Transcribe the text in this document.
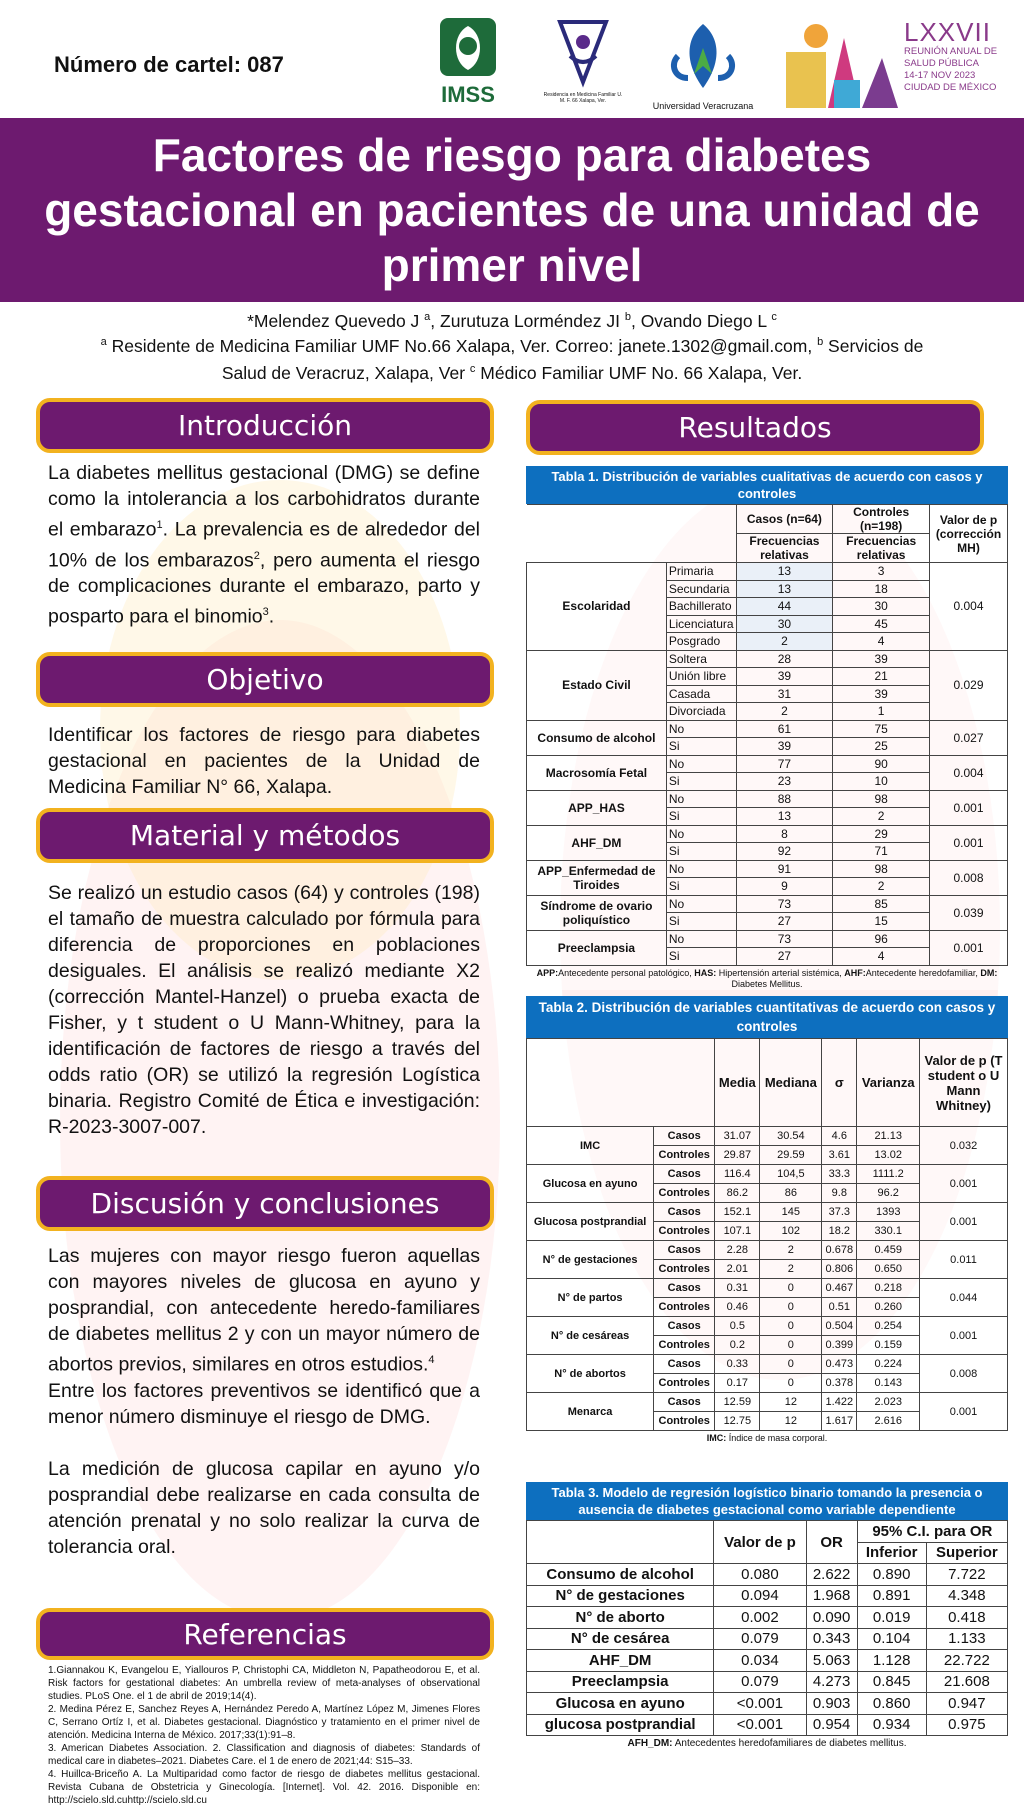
Número de cartel: 087
IMSS	Residencia en Medicina Familiar U. M. F. 66 Xalapa, Ver.	Universidad Veracruzana
LXXVII
REUNIÓN ANUAL DE
SALUD PÚBLICA
14-17 NOV 2023
CIUDAD DE MÉXICO
Factores de riesgo para diabetes gestacional en pacientes de una unidad de primer nivel
*Melendez Quevedo J $^a$, Zurutuza Lorméndez JI $^b$, Ovando Diego L $^c$
$^a$ Residente de Medicina Familiar UMF No.66 Xalapa, Ver. Correo: janete.1302@gmail.com, $^b$ Servicios de
Salud de Veracruz, Xalapa, Ver $^c$ Médico Familiar UMF No. 66 Xalapa, Ver.
Introducción
La diabetes mellitus gestacional (DMG) se define como la intolerancia a los carbohidratos durante el embarazo$^1$. La prevalencia es de alrededor del 10% de los embarazos$^2$, pero aumenta el riesgo de complicaciones durante el embarazo, parto y posparto para el binomio$^3$.
Objetivo
Identificar los factores de riesgo para diabetes gestacional en pacientes de la Unidad de Medicina Familiar N° 66, Xalapa.
Material y métodos
Se realizó un estudio casos (64) y controles (198) el tamaño de muestra calculado por fórmula para diferencia de proporciones en poblaciones desiguales. El análisis se realizó mediante X2 (corrección Mantel-Hanzel) o prueba exacta de Fisher, y t student o U Mann-Whitney, para la identificación de factores de riesgo a través del odds ratio (OR) se utilizó la regresión Logística binaria. Registro Comité de Ética e investigación: R-2023-3007-007.
Discusión y conclusiones
Las mujeres con mayor riesgo fueron aquellas con mayores niveles de glucosa en ayuno y posprandial, con antecedente heredo-familiares de diabetes mellitus 2 y con un mayor número de abortos previos, similares en otros estudios.$^4$
Entre los factores preventivos se identificó que a menor número disminuye el riesgo de DMG.

La medición de glucosa capilar en ayuno y/o posprandial debe realizarse en cada consulta de atención prenatal y no solo realizar la curva de tolerancia oral.
Referencias
1.Giannakou K, Evangelou E, Yiallouros P, Christophi CA, Middleton N, Papatheodorou E, et al. Risk factors for gestational diabetes: An umbrella review of meta-analyses of observational studies. PLoS One. el 1 de abril de 2019;14(4).
2. Medina Pérez E, Sanchez Reyes A, Hernández Peredo A, Martínez López M, Jimenes Flores C, Serrano Ortíz I, et al. Diabetes gestacional. Diagnóstico y tratamiento en el primer nivel de atención. Medicina Interna de México. 2017;33(1):91–8.
3. American Diabetes Association. 2. Classification and diagnosis of diabetes: Standards of medical care in diabetes–2021. Diabetes Care. el 1 de enero de 2021;44: S15–33.
4. Huillca-Briceño A. La Multiparidad como factor de riesgo de diabetes mellitus gestacional. Revista Cubana de Obstetricia y Ginecología. [Internet]. Vol. 42. 2016. Disponible en: http://scielo.sld.cuhttp://scielo.sld.cu
Resultados
Tabla 1. Distribución de variables cualitativas de acuerdo con casos y controles
		Casos (n=64)	Controles (n=198)	Valor de p (corrección MH)
		Frecuencias relativas	Frecuencias relativas	
Escolaridad	Primaria	13	3	0.004
	Secundaria	13	18	
	Bachillerato	44	30	
	Licenciatura	30	45	
	Posgrado	2	4	
Estado Civil	Soltera	28	39	0.029
	Unión libre	39	21	
	Casada	31	39	
	Divorciada	2	1	
Consumo de alcohol	No	61	75	0.027
	Si	39	25	
Macrosomía Fetal	No	77	90	0.004
	Si	23	10	
APP_HAS	No	88	98	0.001
	Si	13	2	
AHF_DM	No	8	29	0.001
	Si	92	71	
APP_Enfermedad de Tiroides	No	91	98	0.008
	Si	9	2	
Síndrome de ovario poliquístico	No	73	85	0.039
	Si	27	15	
Preeclampsia	No	73	96	0.001
	Si	27	4	
APP:Antecedente personal patológico, HAS: Hipertensión arterial sistémica, AHF:Antecedente heredofamiliar, DM: Diabetes Mellitus.
Tabla 2. Distribución de variables cuantitativas de acuerdo con casos y controles
		Media	Mediana	σ	Varianza	Valor de p (T student o U Mann Whitney)
IMC	Casos	31.07	30.54	4.6	21.13	0.032
	Controles	29.87	29.59	3.61	13.02	
Glucosa en ayuno	Casos	116.4	104,5	33.3	1111.2	0.001
	Controles	86.2	86	9.8	96.2	
Glucosa postprandial	Casos	152.1	145	37.3	1393	0.001
	Controles	107.1	102	18.2	330.1	
N° de gestaciones	Casos	2.28	2	0.678	0.459	0.011
	Controles	2.01	2	0.806	0.650	
N° de partos	Casos	0.31	0	0.467	0.218	0.044
	Controles	0.46	0	0.51	0.260	
N° de cesáreas	Casos	0.5	0	0.504	0.254	0.001
	Controles	0.2	0	0.399	0.159	
N° de abortos	Casos	0.33	0	0.473	0.224	0.008
	Controles	0.17	0	0.378	0.143	
Menarca	Casos	12.59	12	1.422	2.023	0.001
	Controles	12.75	12	1.617	2.616	
IMC: Índice de masa corporal.
Tabla 3. Modelo de regresión logístico binario tomando la presencia o ausencia de diabetes gestacional como variable dependiente
	Valor de p	OR	95% C.I. para OR	
			Inferior	Superior
Consumo de alcohol	0.080	2.622	0.890	7.722
N° de gestaciones	0.094	1.968	0.891	4.348
N° de aborto	0.002	0.090	0.019	0.418
N° de cesárea	0.079	0.343	0.104	1.133
AHF_DM	0.034	5.063	1.128	22.722
Preeclampsia	0.079	4.273	0.845	21.608
Glucosa en ayuno	<0.001	0.903	0.860	0.947
glucosa postprandial	<0.001	0.954	0.934	0.975
AFH_DM: Antecedentes heredofamiliares de diabetes mellitus.
